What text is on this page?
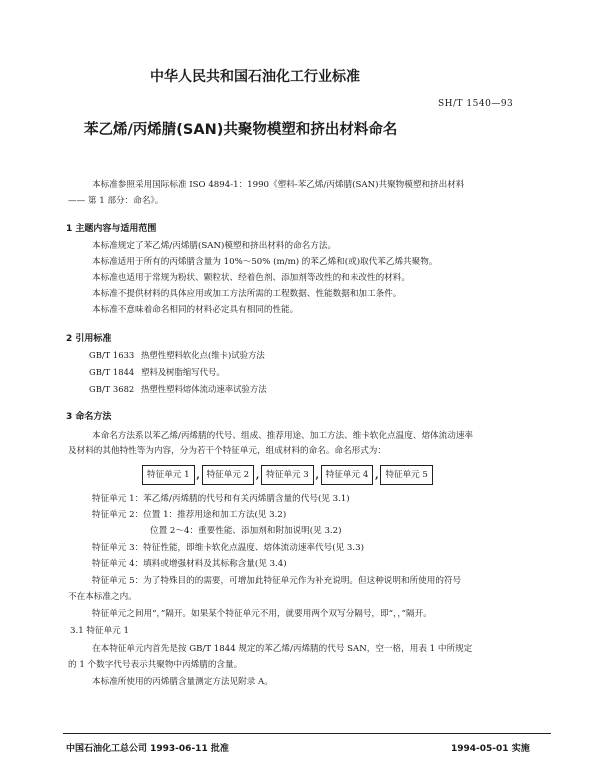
中华人民共和国石油化工行业标准
SH/T 1540—93
苯乙烯/丙烯腈(SAN)共聚物模塑和挤出材料命名
本标准参照采用国际标准 ISO 4894-1：1990《塑料-苯乙烯/丙烯腈(SAN)共聚物模塑和挤出材料
—— 第 1 部分：命名》。
1 主题内容与适用范围
本标准规定了苯乙烯/丙烯腈(SAN)模塑和挤出材料的命名方法。
本标准适用于所有的丙烯腈含量为 10%～50% (m/m) 的苯乙烯和(或)取代苯乙烯共聚物。
本标准也适用于常规为粉状、颗粒状、经着色剂、添加剂等改性的和未改性的材料。
本标准不提供材料的具体应用或加工方法所需的工程数据、性能数据和加工条件。
本标准不意味着命名相同的材料必定具有相同的性能。
2 引用标准
GB/T 1633 热塑性塑料软化点(维卡)试验方法
GB/T 1844 塑料及树脂缩写代号。
GB/T 3682 热塑性塑料熔体流动速率试验方法
3 命名方法
本命名方法系以苯乙烯/丙烯腈的代号、组成、推荐用途、加工方法、维卡软化点温度、熔体流动速率
及材料的其他特性等为内容，分为若干个特征单元，组成材料的命名。命名形式为：
特征单元 1 , 特征单元 2 , 特征单元 3 , 特征单元 4 , 特征单元 5
特征单元 1：苯乙烯/丙烯腈的代号和有关丙烯腈含量的代号(见 3.1)
特征单元 2：位置 1：推荐用途和加工方法(见 3.2)
位置 2～4：重要性能、添加剂和附加说明(见 3.2)
特征单元 3：特征性能，即维卡软化点温度、熔体流动速率代号(见 3.3)
特征单元 4：填料或增强材料及其标称含量(见 3.4)
特征单元 5：为了特殊目的的需要，可增加此特征单元作为补充说明。但这种说明和所使用的符号
不在本标准之内。
特征单元之间用“，”隔开。如果某个特征单元不用，就要用两个双写分隔号，即“，，”隔开。
3.1 特征单元 1
在本特征单元内首先是按 GB/T 1844 规定的苯乙烯/丙烯腈的代号 SAN，空一格，用表 1 中所规定
的 1 个数字代号表示共聚物中丙烯腈的含量。
本标准所使用的丙烯腈含量测定方法见附录 A。
中国石油化工总公司 1993-06-11 批准	1994-05-01 实施
